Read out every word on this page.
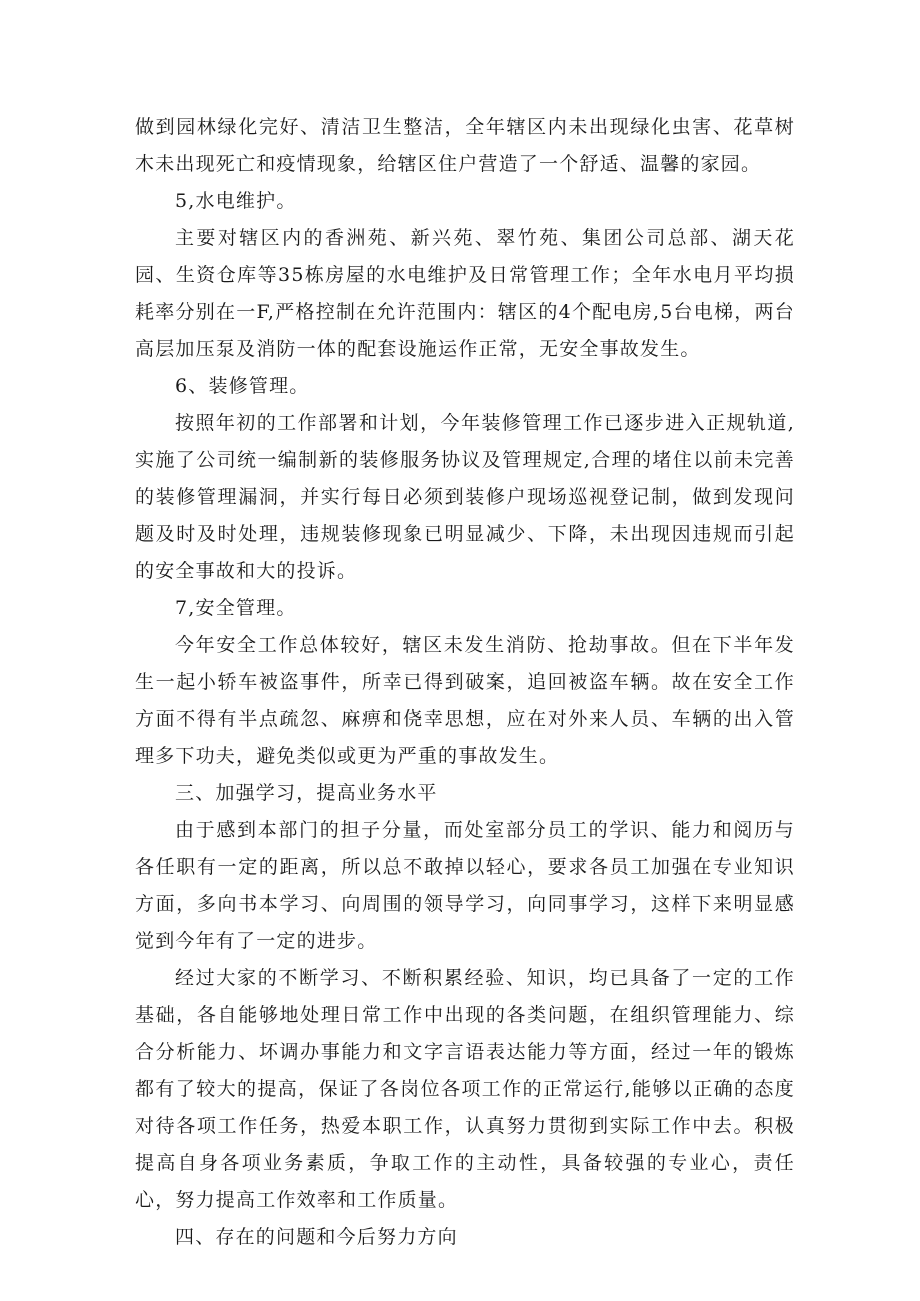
做到园林绿化完好、清洁卫生整洁，全年辖区内未出现绿化虫害、花草树木未出现死亡和疫情现象，给辖区住户营造了一个舒适、温馨的家园。

5,水电维护。

主要对辖区内的香洲苑、新兴苑、翠竹苑、集团公司总部、湖天花园、生资仓库等35栋房屋的水电维护及日常管理工作；全年水电月平均损耗率分别在一F,严格控制在允许范围内：辖区的4个配电房,5台电梯，两台高层加压泵及消防一体的配套设施运作正常，无安全事故发生。

6、装修管理。

按照年初的工作部署和计划，今年装修管理工作已逐步进入正规轨道,实施了公司统一编制新的装修服务协议及管理规定,合理的堵住以前未完善的装修管理漏洞，并实行每日必须到装修户现场巡视登记制，做到发现问题及时及时处理，违规装修现象已明显减少、下降，未出现因违规而引起的安全事故和大的投诉。

7,安全管理。

今年安全工作总体较好，辖区未发生消防、抢劫事故。但在下半年发生一起小轿车被盗事件，所幸已得到破案，追回被盗车辆。故在安全工作方面不得有半点疏忽、麻痹和侥幸思想，应在对外来人员、车辆的出入管理多下功夫，避免类似或更为严重的事故发生。

三、加强学习，提高业务水平

由于感到本部门的担子分量，而处室部分员工的学识、能力和阅历与各任职有一定的距离，所以总不敢掉以轻心，要求各员工加强在专业知识方面，多向书本学习、向周围的领导学习，向同事学习，这样下来明显感觉到今年有了一定的进步。

经过大家的不断学习、不断积累经验、知识，均已具备了一定的工作基础，各自能够地处理日常工作中出现的各类问题，在组织管理能力、综合分析能力、坏调办事能力和文字言语表达能力等方面，经过一年的锻炼都有了较大的提高，保证了各岗位各项工作的正常运行,能够以正确的态度对待各项工作任务，热爱本职工作，认真努力贯彻到实际工作中去。积极提高自身各项业务素质，争取工作的主动性，具备较强的专业心，责任心，努力提高工作效率和工作质量。

四、存在的问题和今后努力方向
